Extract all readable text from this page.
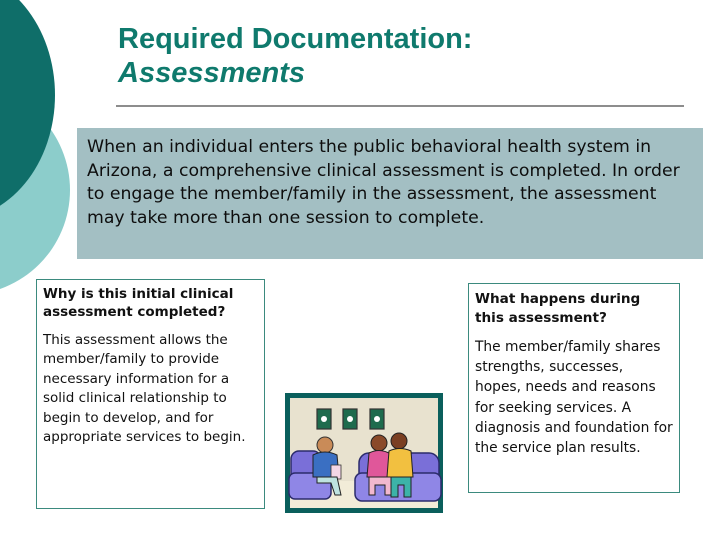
Required Documentation:
Assessments
When an individual enters the public behavioral health system in Arizona, a comprehensive clinical assessment is completed. In order to engage the member/family in the assessment, the assessment may take more than one session to complete.

Why is this initial clinical assessment completed?

This assessment allows the member/family to provide necessary information for a solid clinical relationship to begin to develop, and for appropriate services to begin.

What happens during this assessment?

The member/family shares strengths, successes, hopes, needs and reasons for seeking services. A diagnosis and foundation for the service plan results.
